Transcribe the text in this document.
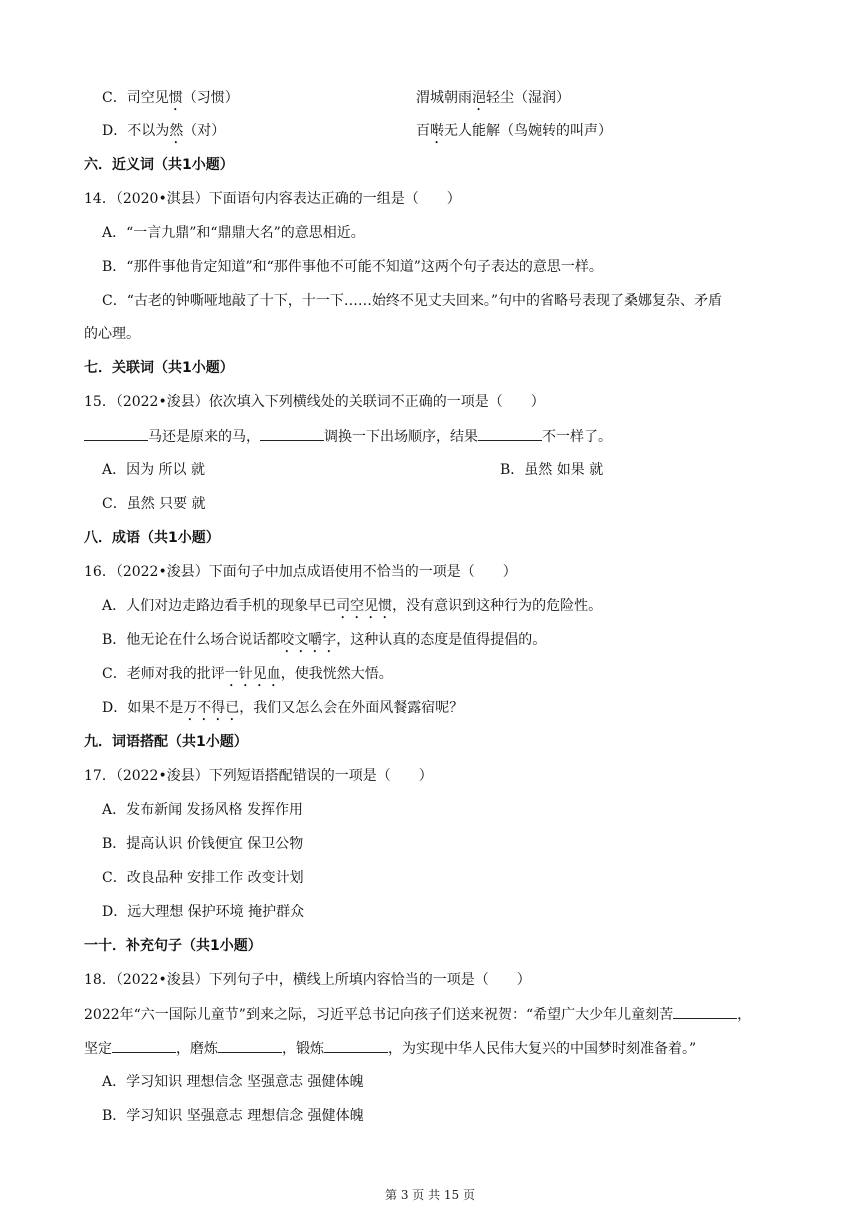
C．司空见惯（习惯）	渭城朝雨浥轻尘（湿润）
D．不以为然（对）	百啭无人能解（鸟婉转的叫声）
六．近义词（共1小题）
14．（2020•淇县）下面语句内容表达正确的一组是（　　）
A．“一言九鼎”和“鼎鼎大名”的意思相近。
B．“那件事他肯定知道”和“那件事他不可能不知道”这两个句子表达的意思一样。
C．“古老的钟嘶哑地敲了十下，十一下……始终不见丈夫回来。”句中的省略号表现了桑娜复杂、矛盾
的心理。
七．关联词（共1小题）
15．（2022•浚县）依次填入下列横线处的关联词不正确的一项是（　　）
马还是原来的马，	调换一下出场顺序，结果	不一样了。
A．因为 所以 就	B．虽然 如果 就
C．虽然 只要 就
八．成语（共1小题）
16．（2022•浚县）下面句子中加点成语使用不恰当的一项是（　　）
A．人们对边走路边看手机的现象早已司空见惯，没有意识到这种行为的危险性。
B．他无论在什么场合说话都咬文嚼字，这种认真的态度是值得提倡的。
C．老师对我的批评一针见血，使我恍然大悟。
D．如果不是万不得已，我们又怎么会在外面风餐露宿呢？
九．词语搭配（共1小题）
17．（2022•浚县）下列短语搭配错误的一项是（　　）
A．发布新闻 发扬风格 发挥作用
B．提高认识 价钱便宜 保卫公物
C．改良品种 安排工作 改变计划
D．远大理想 保护环境 掩护群众
一十．补充句子（共1小题）
18．（2022•浚县）下列句子中，横线上所填内容恰当的一项是（　　）
2022年“六一国际儿童节”到来之际，习近平总书记向孩子们送来祝贺：“希望广大少年儿童刻苦	，
坚定	，磨炼	，锻炼	，为实现中华人民伟大复兴的中国梦时刻准备着。”
A．学习知识 理想信念 坚强意志 强健体魄
B．学习知识 坚强意志 理想信念 强健体魄
第 3 页 共 15 页
